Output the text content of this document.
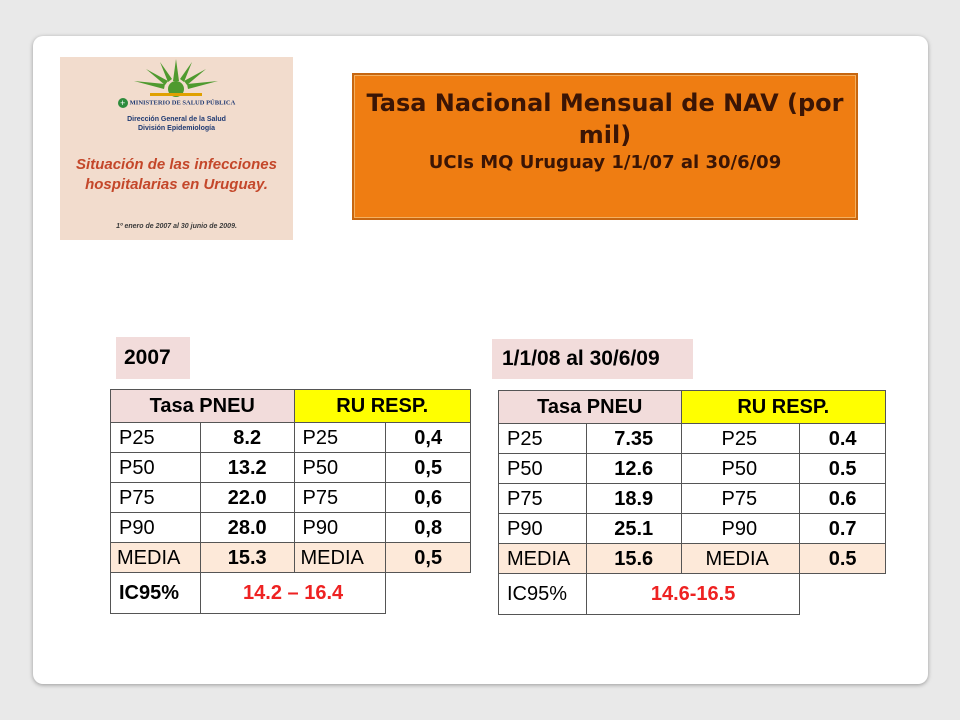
+ MINISTERIO DE SALUD PÚBLICA
Dirección General de la Salud
División Epidemiología
Situación de las infecciones hospitalarias en Uruguay.
1º enero de 2007 al 30 junio de 2009.
Tasa Nacional Mensual de NAV (por mil)
UCIs MQ Uruguay 1/1/07 al 30/6/09
2007	1/1/08 al 30/6/09
Tasa PNEU		RU RESP.	
P25	8.2	P25	0,4
P50	13.2	P50	0,5
P75	22.0	P75	0,6
P90	28.0	P90	0,8
MEDIA	15.3	MEDIA	0,5
IC95%	14.2 – 16.4		
Tasa PNEU		RU RESP.	
P25	7.35	P25	0.4
P50	12.6	P50	0.5
P75	18.9	P75	0.6
P90	25.1	P90	0.7
MEDIA	15.6	MEDIA	0.5
IC95%	14.6-16.5		
